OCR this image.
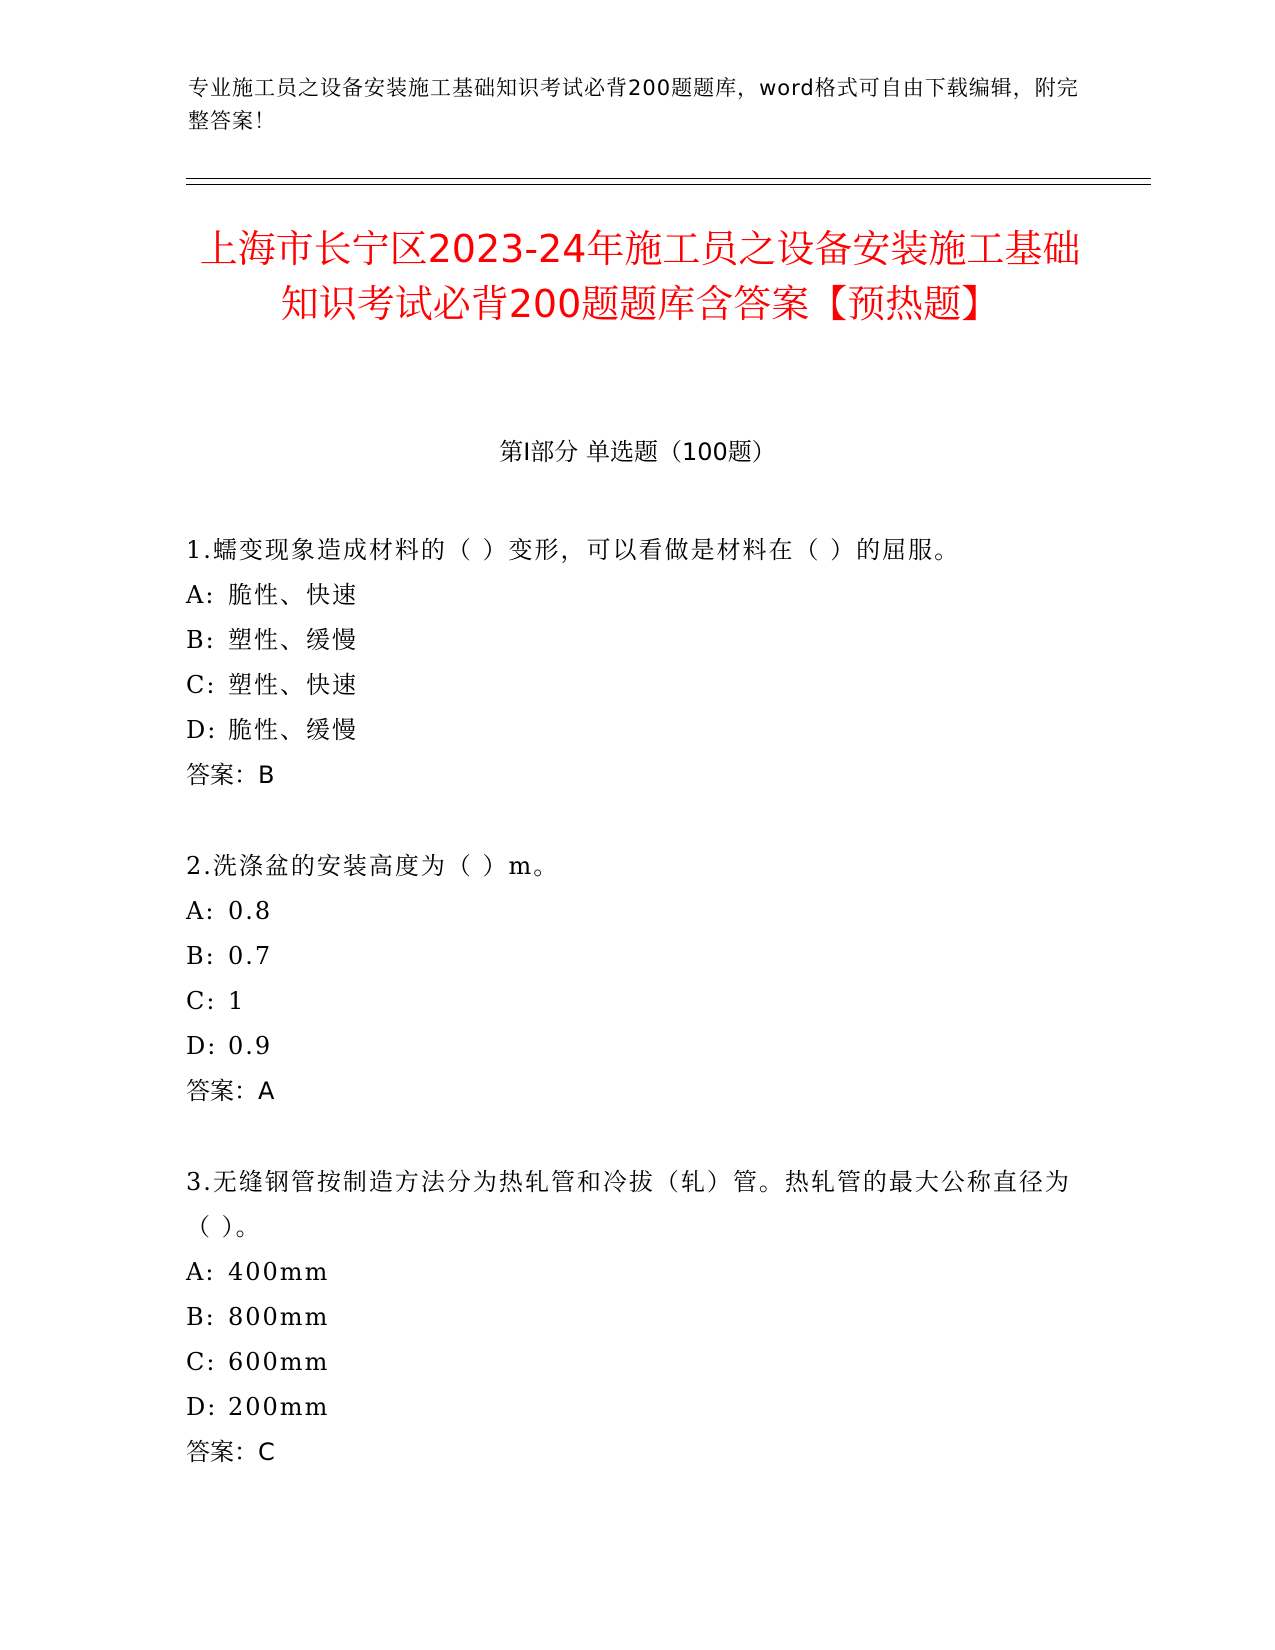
专业施工员之设备安装施工基础知识考试必背200题题库，word格式可自由下载编辑，附完整答案！
上海市长宁区2023-24年施工员之设备安装施工基础知识考试必背200题题库含答案【预热题】
第Ⅰ部分 单选题（100题）

1.蠕变现象造成材料的（ ）变形，可以看做是材料在（ ）的屈服。

A: 脆性、快速
B: 塑性、缓慢
C: 塑性、快速
D: 脆性、缓慢

答案：B

2.洗涤盆的安装高度为（ ）m。

A: 0.8
B: 0.7
C: 1
D: 0.9

答案：A

3.无缝钢管按制造方法分为热轧管和冷拔（轧）管。热轧管的最大公称直径为（ ）。

A: 400mm
B: 800mm
C: 600mm
D: 200mm

答案：C
